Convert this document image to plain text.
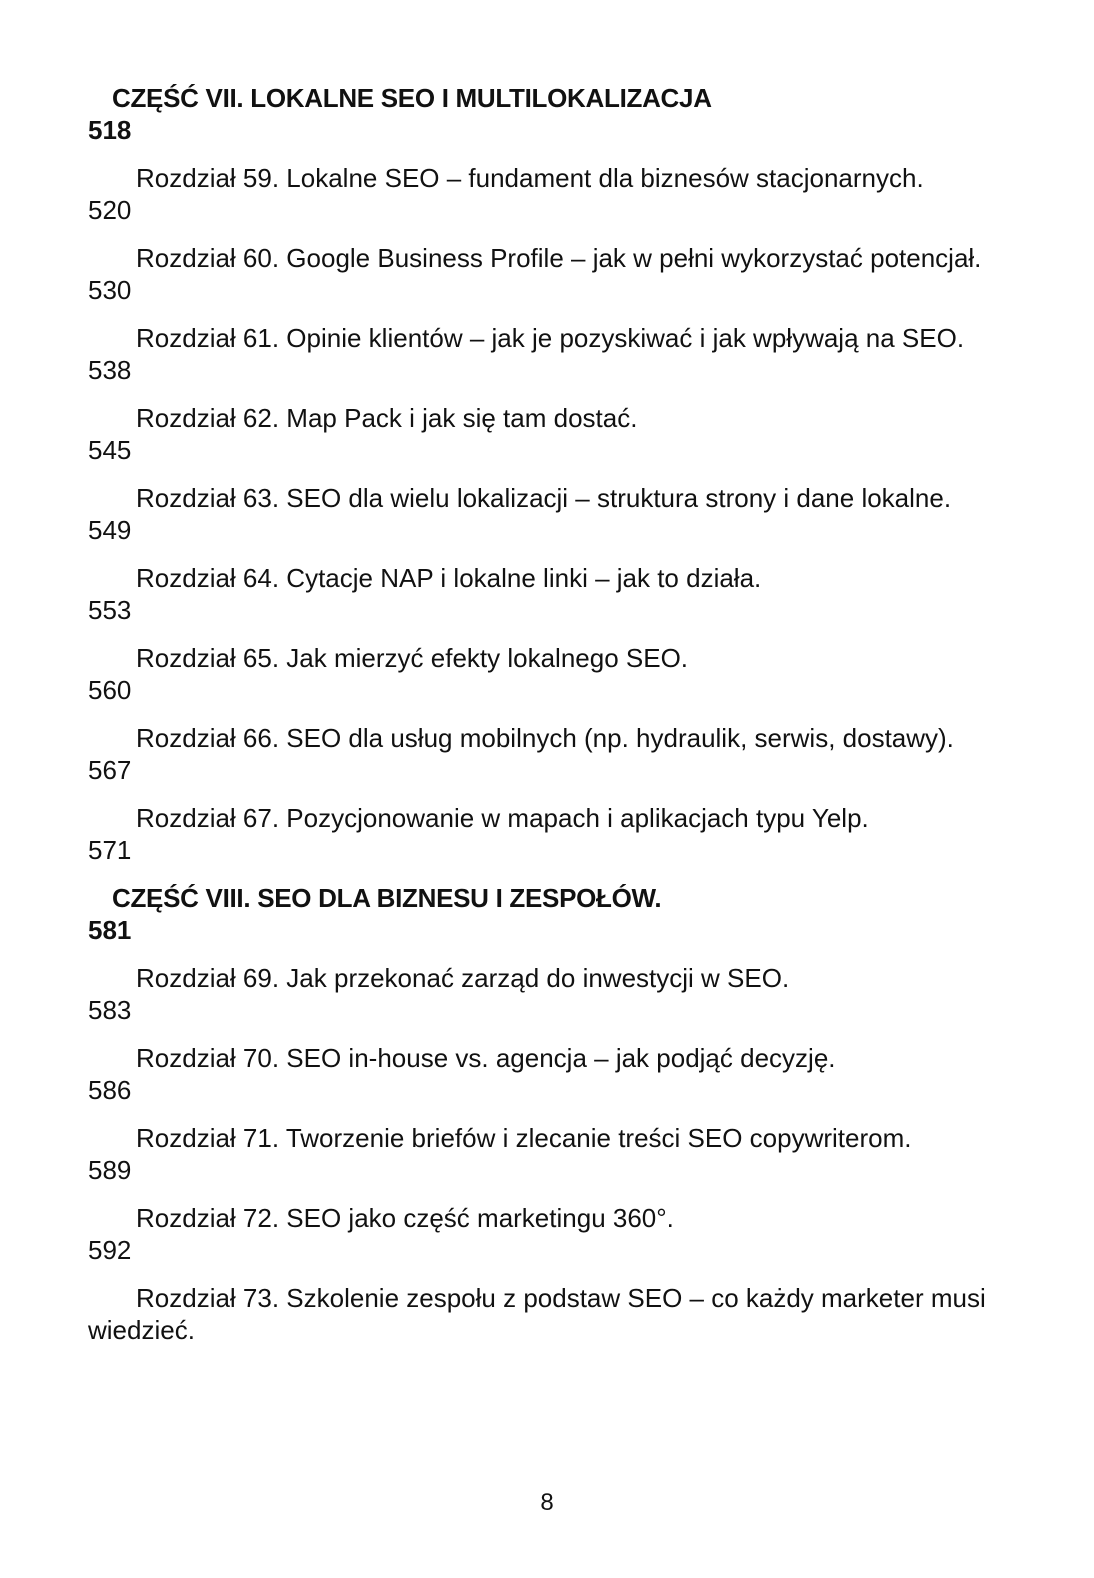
CZĘŚĆ VII. LOKALNE SEO I MULTILOKALIZACJA
518
Rozdział 59. Lokalne SEO – fundament dla biznesów stacjonarnych.
520
Rozdział 60. Google Business Profile – jak w pełni wykorzystać potencjał.
530
Rozdział 61. Opinie klientów – jak je pozyskiwać i jak wpływają na SEO.
538
Rozdział 62. Map Pack i jak się tam dostać.
545
Rozdział 63. SEO dla wielu lokalizacji – struktura strony i dane lokalne.
549
Rozdział 64. Cytacje NAP i lokalne linki – jak to działa.
553
Rozdział 65. Jak mierzyć efekty lokalnego SEO.
560
Rozdział 66. SEO dla usług mobilnych (np. hydraulik, serwis, dostawy).
567
Rozdział 67. Pozycjonowanie w mapach i aplikacjach typu Yelp.
571
CZĘŚĆ VIII. SEO DLA BIZNESU I ZESPOŁÓW.
581
Rozdział 69. Jak przekonać zarząd do inwestycji w SEO.
583
Rozdział 70. SEO in-house vs. agencja – jak podjąć decyzję.
586
Rozdział 71. Tworzenie briefów i zlecanie treści SEO copywriterom.
589
Rozdział 72. SEO jako część marketingu 360°.
592
Rozdział 73. Szkolenie zespołu z podstaw SEO – co każdy marketer musi wiedzieć.
8
